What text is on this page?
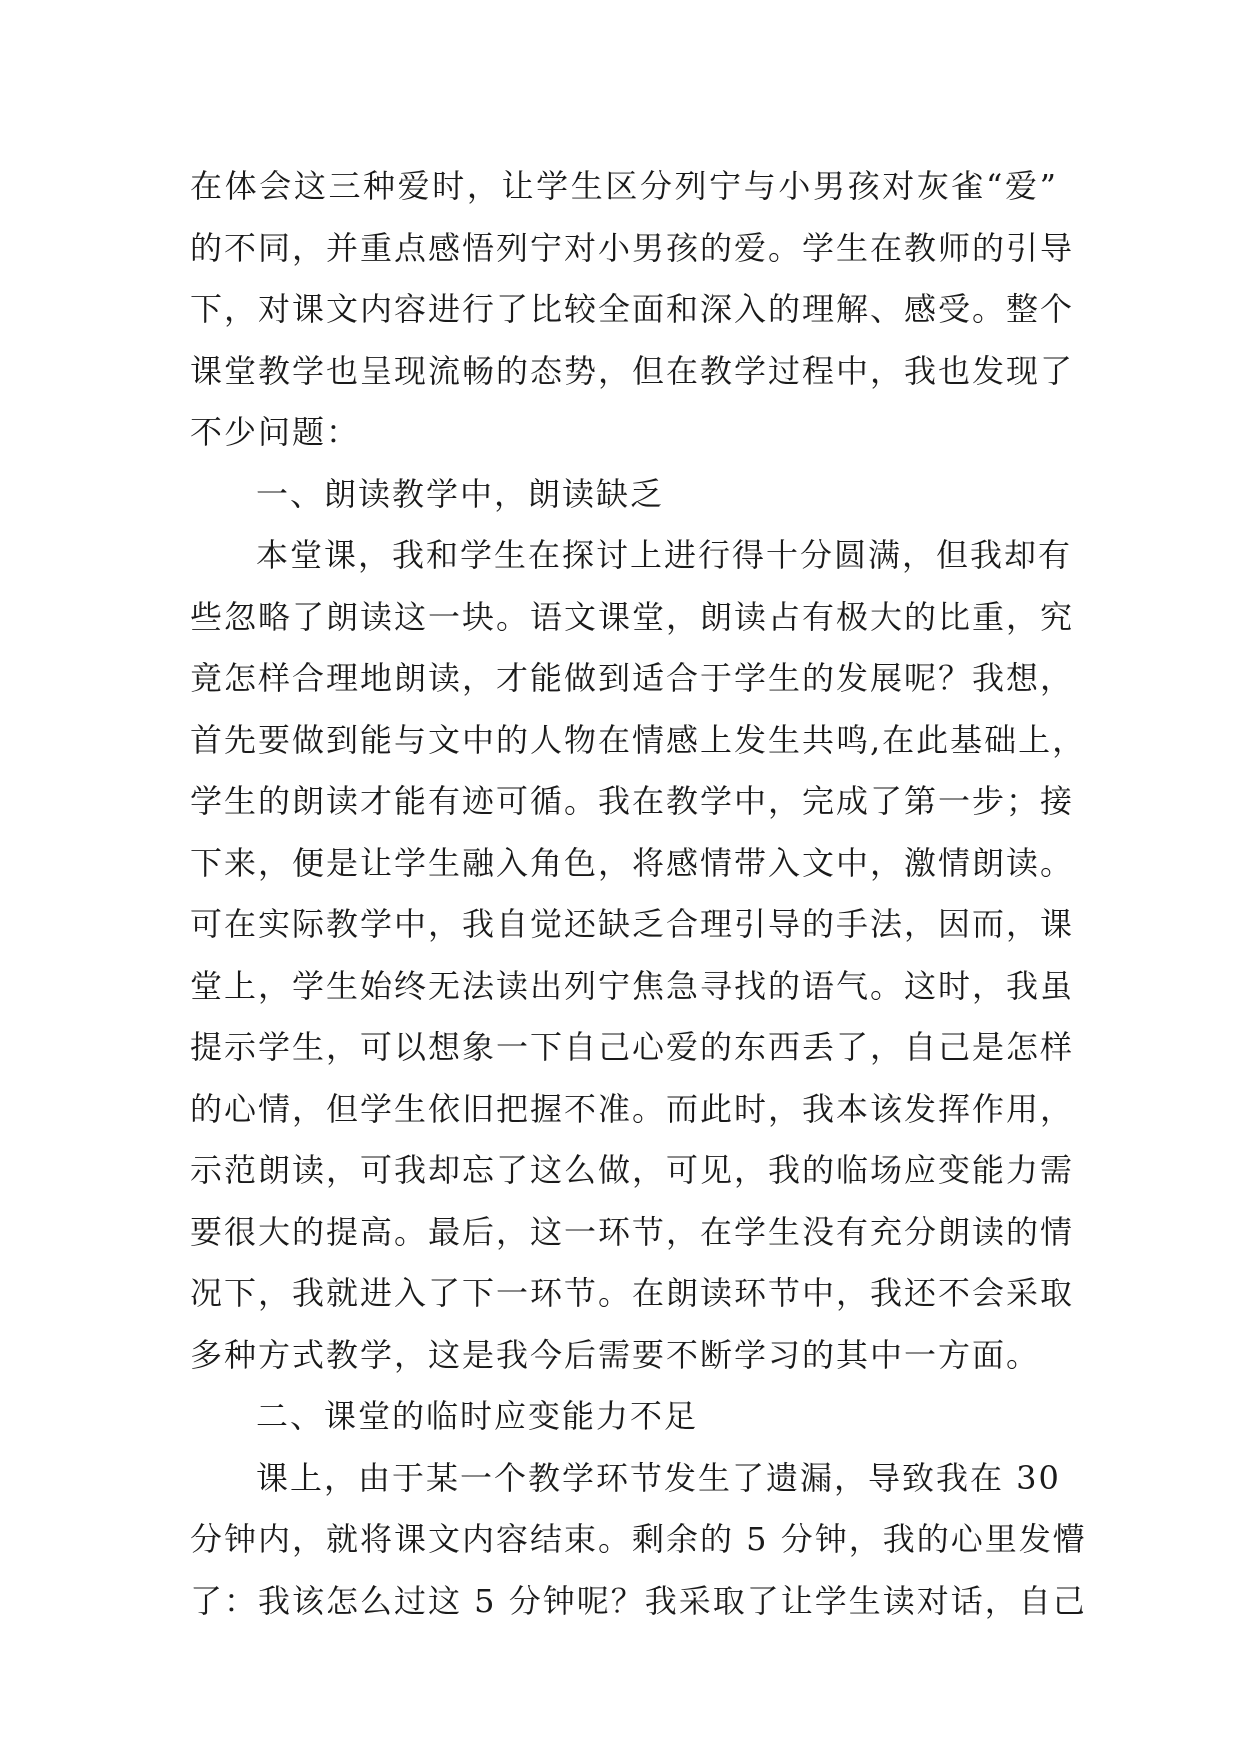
在体会这三种爱时，让学生区分列宁与小男孩对灰雀“爱”
的不同，并重点感悟列宁对小男孩的爱。学生在教师的引导
下，对课文内容进行了比较全面和深入的理解、感受。整个
课堂教学也呈现流畅的态势，但在教学过程中，我也发现了
不少问题：
一、朗读教学中，朗读缺乏
本堂课，我和学生在探讨上进行得十分圆满，但我却有
些忽略了朗读这一块。语文课堂，朗读占有极大的比重，究
竟怎样合理地朗读，才能做到适合于学生的发展呢？我想，
首先要做到能与文中的人物在情感上发生共鸣,在此基础上，
学生的朗读才能有迹可循。我在教学中，完成了第一步；接
下来，便是让学生融入角色，将感情带入文中，激情朗读。
可在实际教学中，我自觉还缺乏合理引导的手法，因而，课
堂上，学生始终无法读出列宁焦急寻找的语气。这时，我虽
提示学生，可以想象一下自己心爱的东西丢了，自己是怎样
的心情，但学生依旧把握不准。而此时，我本该发挥作用，
示范朗读，可我却忘了这么做，可见，我的临场应变能力需
要很大的提高。最后，这一环节，在学生没有充分朗读的情
况下，我就进入了下一环节。在朗读环节中，我还不会采取
多种方式教学，这是我今后需要不断学习的其中一方面。
二、课堂的临时应变能力不足
课上，由于某一个教学环节发生了遗漏，导致我在 30
分钟内，就将课文内容结束。剩余的 5 分钟，我的心里发懵
了：我该怎么过这 5 分钟呢？我采取了让学生读对话，自己
